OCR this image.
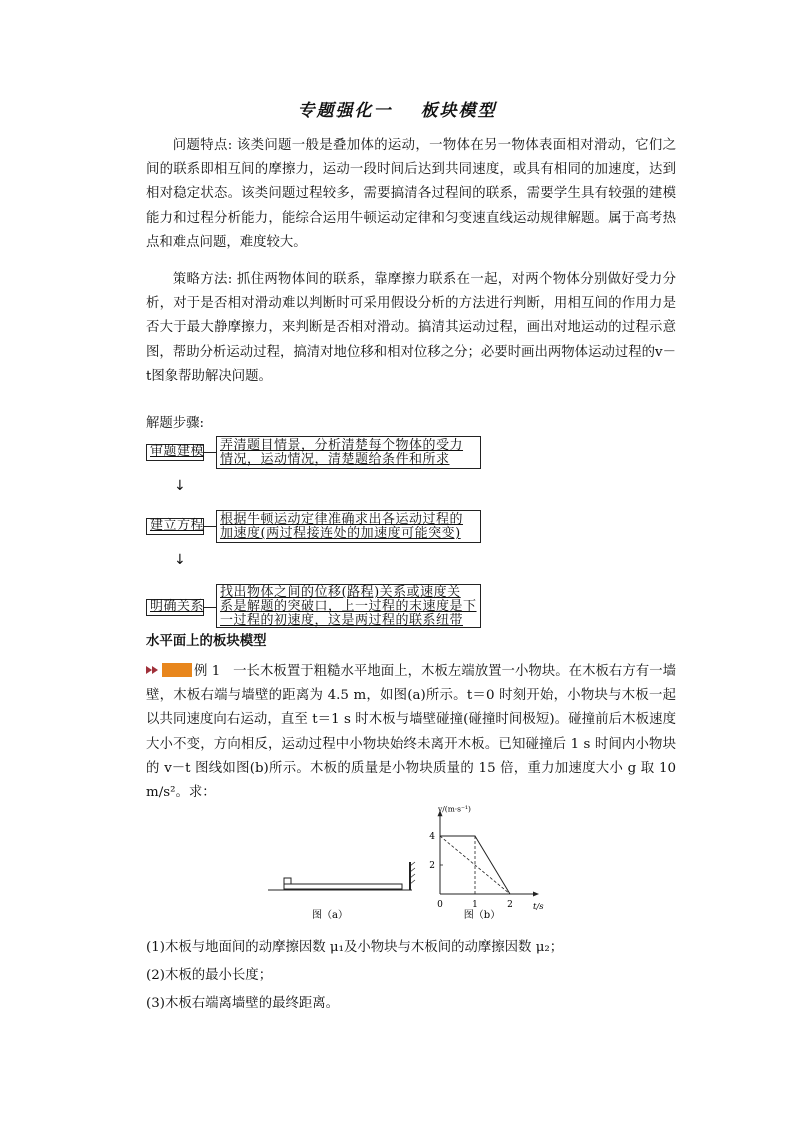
专题强化一 板块模型

问题特点: 该类问题一般是叠加体的运动，一物体在另一物体表面相对滑动，它们之间的联系即相互间的摩擦力，运动一段时间后达到共同速度，或具有相同的加速度，达到相对稳定状态。该类问题过程较多，需要搞清各过程间的联系，需要学生具有较强的建模能力和过程分析能力，能综合运用牛顿运动定律和匀变速直线运动规律解题。属于高考热点和难点问题，难度较大。

策略方法: 抓住两物体间的联系，靠摩擦力联系在一起，对两个物体分别做好受力分析，对于是否相对滑动难以判断时可采用假设分析的方法进行判断，用相互间的作用力是否大于最大静摩擦力，来判断是否相对滑动。搞清其运动过程，画出对地运动的过程示意图，帮助分析运动过程，搞清对地位移和相对位移之分；必要时画出两物体运动过程的v－t图象帮助解决问题。

解题步骤:
审题建模 弄清题目情景，分析清楚每个物体的受力
情况，运动情况，清楚题给条件和所求
↓
建立方程 根据牛顿运动定律准确求出各运动过程的
加速度(两过程接连处的加速度可能突变)
↓
明确关系
找出物体之间的位移(路程)关系或速度关
系是解题的突破口，上一过程的末速度是下
一过程的初速度，这是两过程的联系纽带
水平面上的板块模型

例 1 一长木板置于粗糙水平地面上，木板左端放置一小物块。在木板右方有一墙壁，木板右端与墙壁的距离为 4.5 m，如图(a)所示。t＝0 时刻开始，小物块与木板一起以共同速度向右运动，直至 t＝1 s 时木板与墙壁碰撞(碰撞时间极短)。碰撞前后木板速度大小不变，方向相反，运动过程中小物块始终未离开木板。已知碰撞后 1 s 时间内小物块的 v－t 图线如图(b)所示。木板的质量是小物块质量的 15 倍，重力加速度大小 g 取 10 m/s²。求：

图（a）
v/(m·s⁻¹)
t/s
0	1	2
2
4
图（b）
(1)木板与地面间的动摩擦因数 μ₁及小物块与木板间的动摩擦因数 μ₂；
(2)木板的最小长度；
(3)木板右端离墙壁的最终距离。
